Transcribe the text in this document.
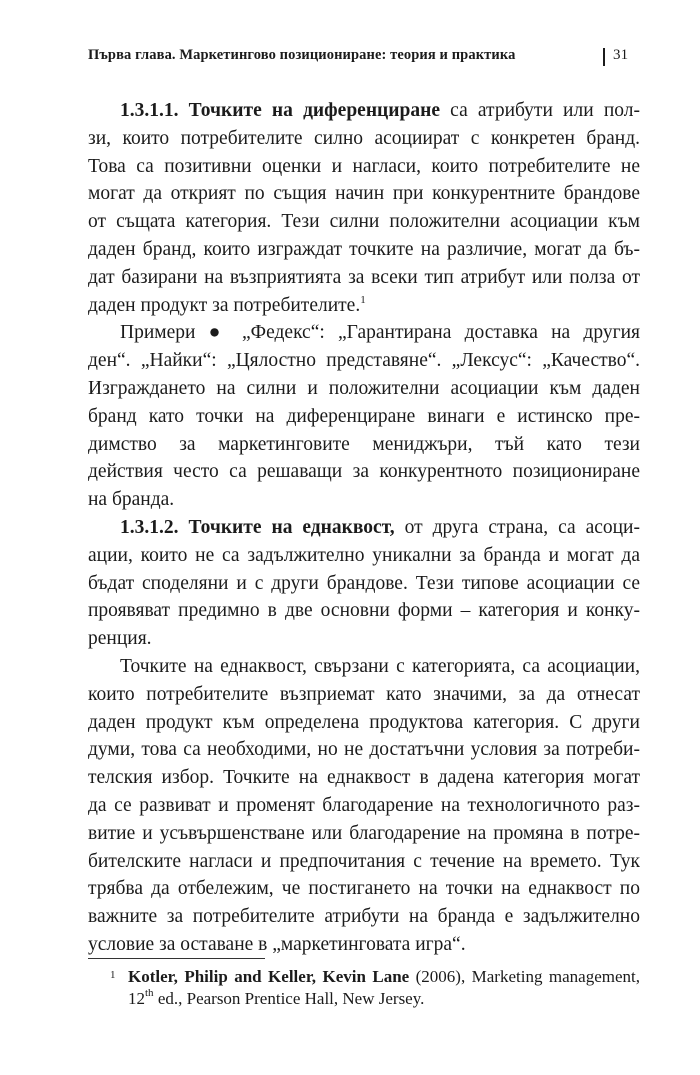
Първа глава. Маркетингово позициониране: теория и практика	31
1.3.1.1. Точките на диференциране са атрибути или пол-
зи, които потребителите силно асоциират с конкретен бранд.
Това са позитивни оценки и нагласи, които потребителите не
могат да открият по същия начин при конкурентните брандове
от същата категория. Тези силни положителни асоциации към
даден бранд, които изграждат точките на различие, могат да бъ-
дат базирани на възприятията за всеки тип атрибут или полза от
даден продукт за потребителите.$^1$
Примери ● „Федекс“: „Гарантирана доставка на другия
ден“. „Найки“: „Цялостно представяне“. „Лексус“: „Качество“.
Изграждането на силни и положителни асоциации към даден
бранд като точки на диференциране винаги е истинско пре-
димство за маркетинговите мениджъри, тъй като тези
действия често са решаващи за конкурентното позициониране
на бранда.
1.3.1.2. Точките на еднаквост, от друга страна, са асоци-
ации, които не са задължително уникални за бранда и могат да
бъдат споделяни и с други брандове. Тези типове асоциации се
проявяват предимно в две основни форми – категория и конку-
ренция.
Точките на еднаквост, свързани с категорията, са асоциации,
които потребителите възприемат като значими, за да отнесат
даден продукт към определена продуктова категория. С други
думи, това са необходими, но не достатъчни условия за потреби-
телския избор. Точките на еднаквост в дадена категория могат
да се развиват и променят благодарение на технологичното раз-
витие и усъвършенстване или благодарение на промяна в потре-
бителските нагласи и предпочитания с течение на времето. Тук
трябва да отбележим, че постигането на точки на еднаквост по
важните за потребителите атрибути на бранда е задължително
условие за оставане в „маркетинговата игра“.
1 Kotler, Philip and Keller, Kevin Lane (2006), Marketing management,
12th ed., Pearson Prentice Hall, New Jersey.
